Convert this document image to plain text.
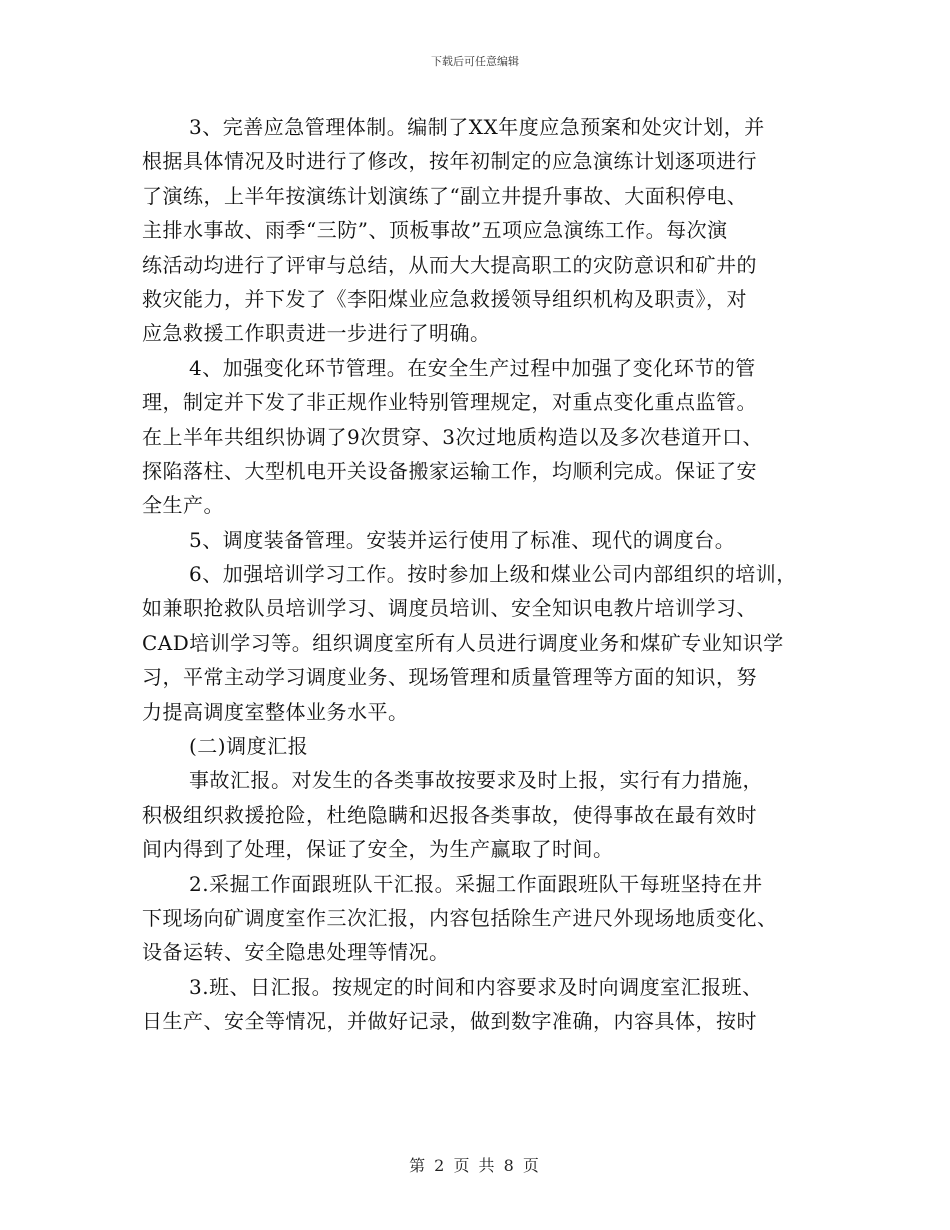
下载后可任意编辑
3、完善应急管理体制。编制了XX年度应急预案和处灾计划，并
根据具体情况及时进行了修改，按年初制定的应急演练计划逐项进行
了演练，上半年按演练计划演练了“副立井提升事故、大面积停电、
主排水事故、雨季“三防”、顶板事故”五项应急演练工作。每次演
练活动均进行了评审与总结，从而大大提高职工的灾防意识和矿井的
救灾能力，并下发了《李阳煤业应急救援领导组织机构及职责》，对
应急救援工作职责进一步进行了明确。
4、加强变化环节管理。在安全生产过程中加强了变化环节的管
理，制定并下发了非正规作业特别管理规定，对重点变化重点监管。
在上半年共组织协调了9次贯穿、3次过地质构造以及多次巷道开口、
探陷落柱、大型机电开关设备搬家运输工作，均顺利完成。保证了安
全生产。
5、调度装备管理。安装并运行使用了标准、现代的调度台。
6、加强培训学习工作。按时参加上级和煤业公司内部组织的培训，
如兼职抢救队员培训学习、调度员培训、安全知识电教片培训学习、
CAD培训学习等。组织调度室所有人员进行调度业务和煤矿专业知识学
习，平常主动学习调度业务、现场管理和质量管理等方面的知识，努
力提高调度室整体业务水平。
(二)调度汇报
事故汇报。对发生的各类事故按要求及时上报，实行有力措施，
积极组织救援抢险，杜绝隐瞒和迟报各类事故，使得事故在最有效时
间内得到了处理，保证了安全，为生产赢取了时间。
2.采掘工作面跟班队干汇报。采掘工作面跟班队干每班坚持在井
下现场向矿调度室作三次汇报，内容包括除生产进尺外现场地质变化、
设备运转、安全隐患处理等情况。
3.班、日汇报。按规定的时间和内容要求及时向调度室汇报班、
日生产、安全等情况，并做好记录，做到数字准确，内容具体，按时
第 2 页 共 8 页
